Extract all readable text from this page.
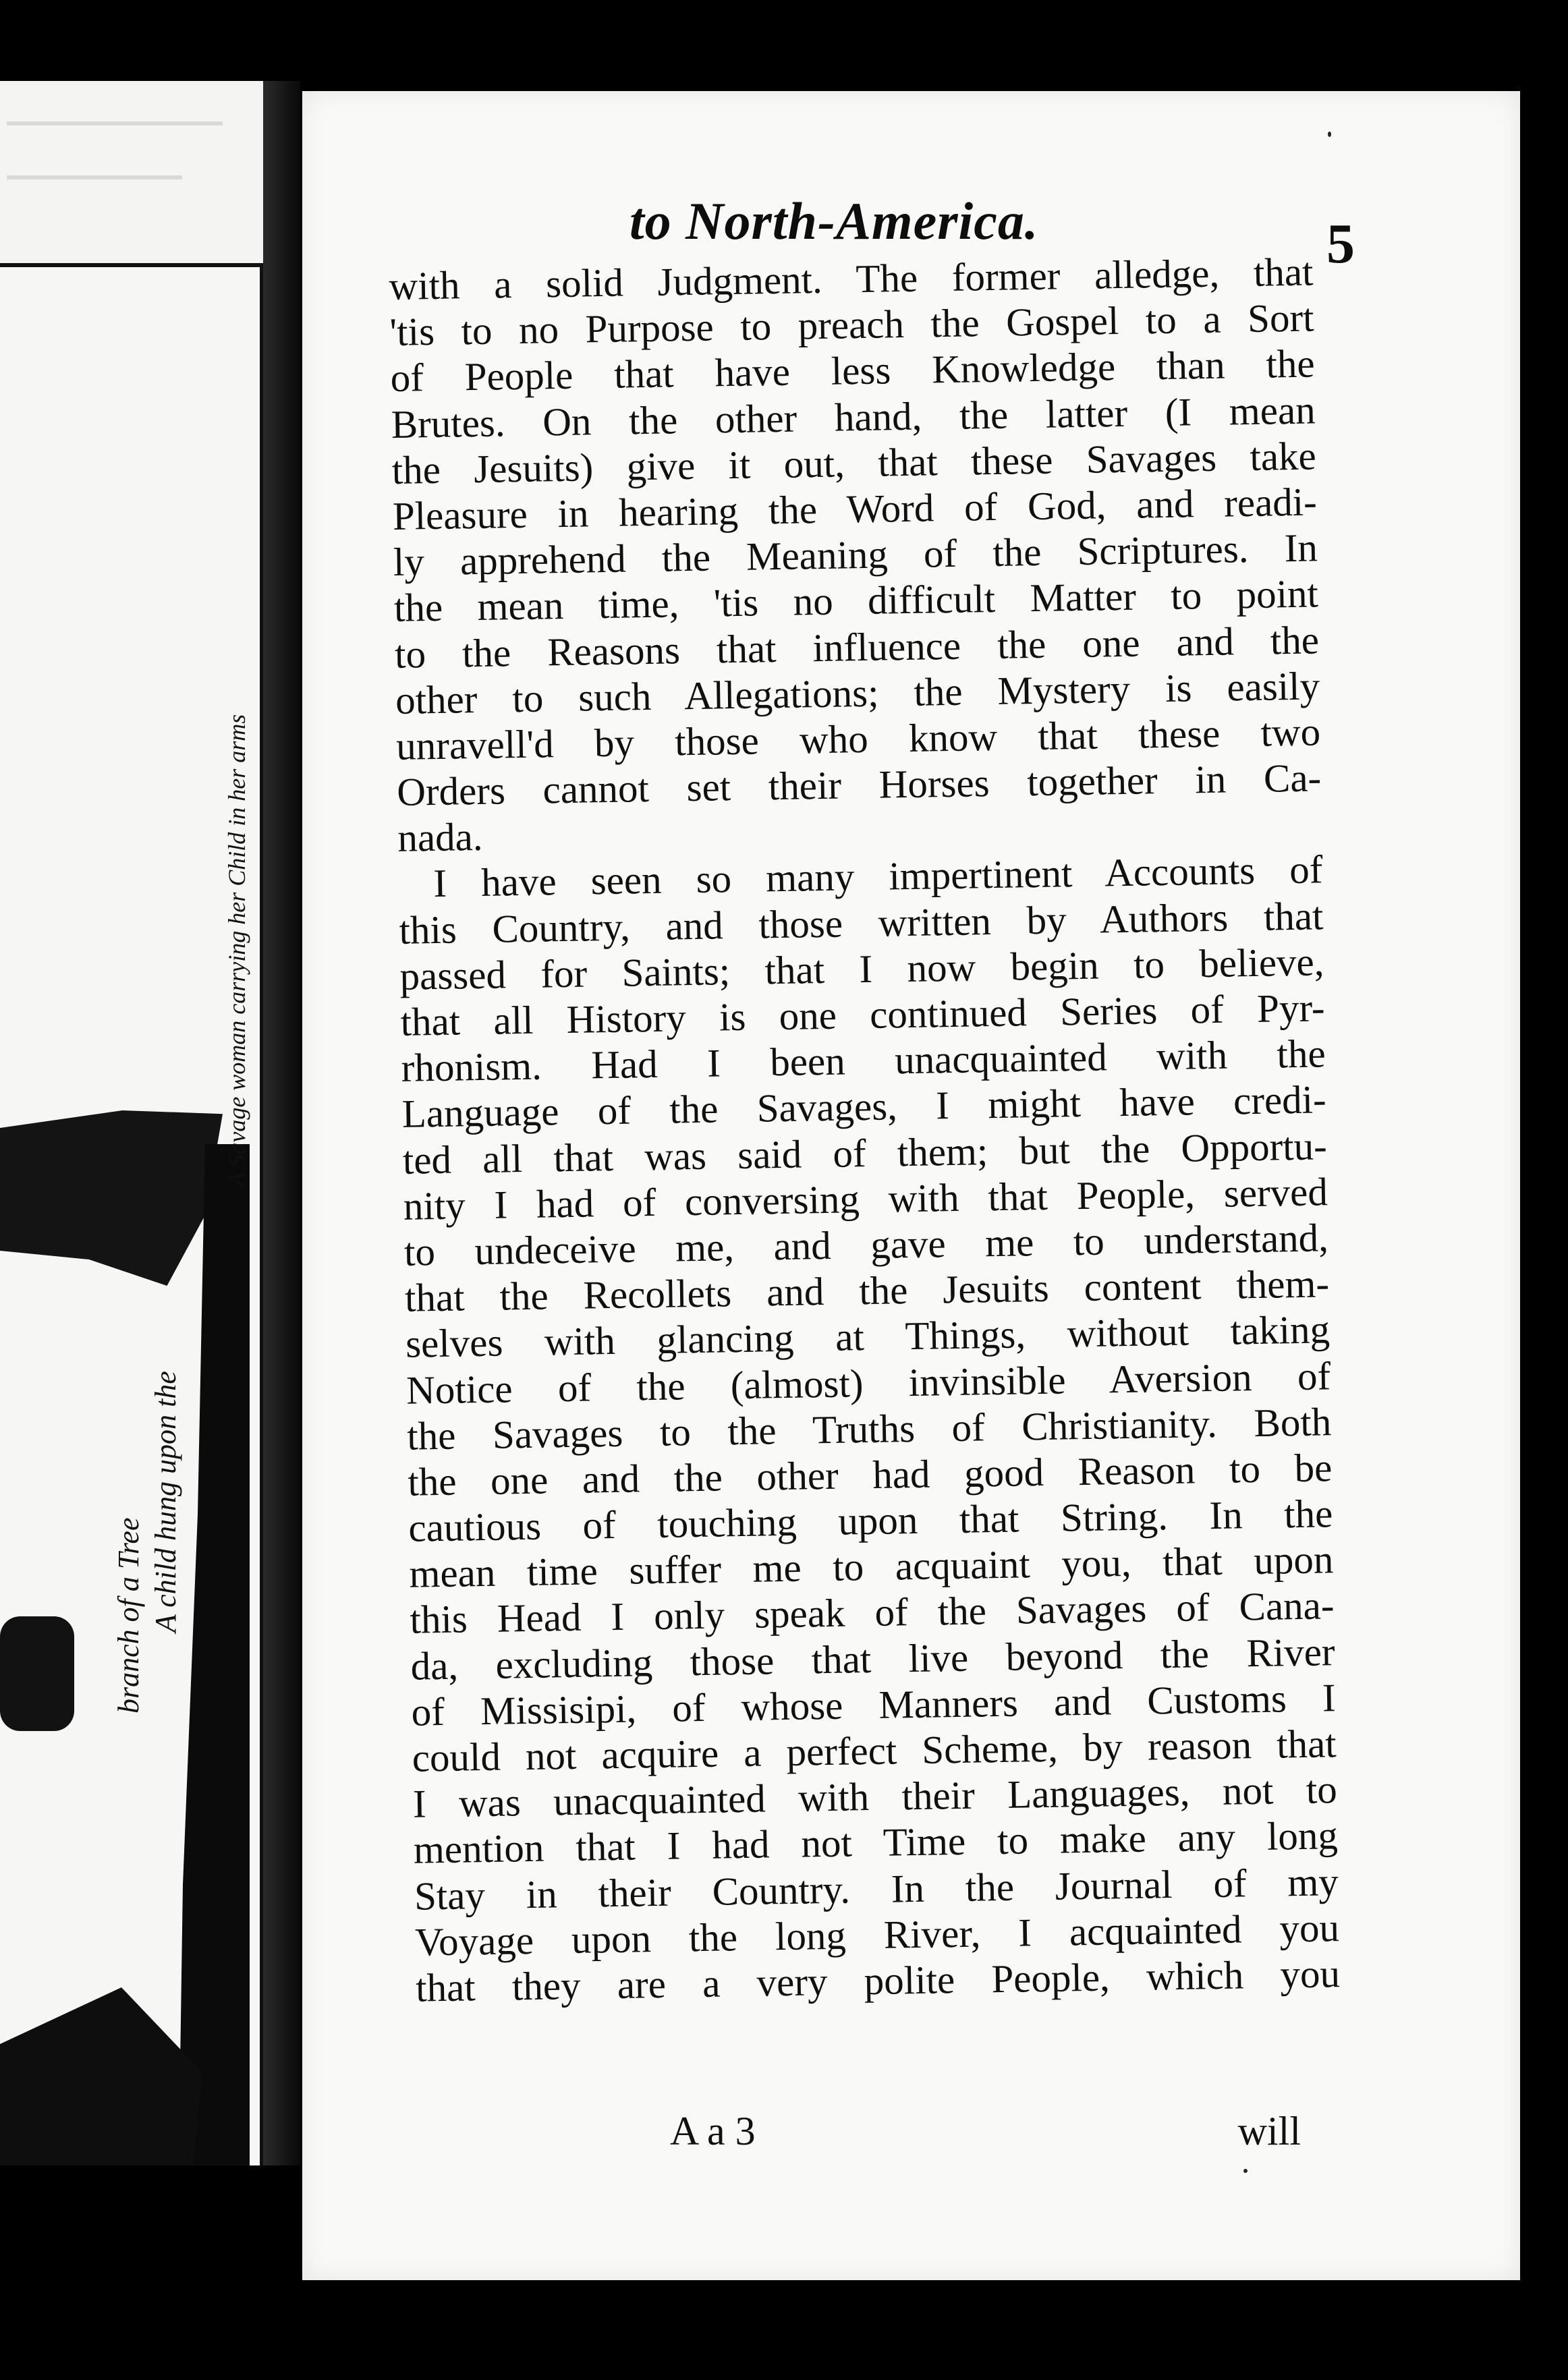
A Savage woman carrying her Child in her arms
A child hung upon the
branch of a Tree
to North-America.	5
with a solid Judgment. The former alledge, that
'tis to no Purpose to preach the Gospel to a Sort
of People that have less Knowledge than the
Brutes. On the other hand, the latter (I mean
the Jesuits) give it out, that these Savages take
Pleasure in hearing the Word of God, and readi-
ly apprehend the Meaning of the Scriptures. In
the mean time, 'tis no difficult Matter to point
to the Reasons that influence the one and the
other to such Allegations; the Mystery is easily
unravell'd by those who know that these two
Orders cannot set their Horses together in Ca-
nada.
I have seen so many impertinent Accounts of
this Country, and those written by Authors that
passed for Saints; that I now begin to believe,
that all History is one continued Series of Pyr-
rhonism. Had I been unacquainted with the
Language of the Savages, I might have credi-
ted all that was said of them; but the Opportu-
nity I had of conversing with that People, served
to undeceive me, and gave me to understand,
that the Recollets and the Jesuits content them-
selves with glancing at Things, without taking
Notice of the (almost) invinsible Aversion of
the Savages to the Truths of Christianity. Both
the one and the other had good Reason to be
cautious of touching upon that String. In the
mean time suffer me to acquaint you, that upon
this Head I only speak of the Savages of Cana-
da, excluding those that live beyond the River
of Missisipi, of whose Manners and Customs I
could not acquire a perfect Scheme, by reason that
I was unacquainted with their Languages, not to
mention that I had not Time to make any long
Stay in their Country. In the Journal of my
Voyage upon the long River, I acquainted you
that they are a very polite People, which you
A a 3	will
